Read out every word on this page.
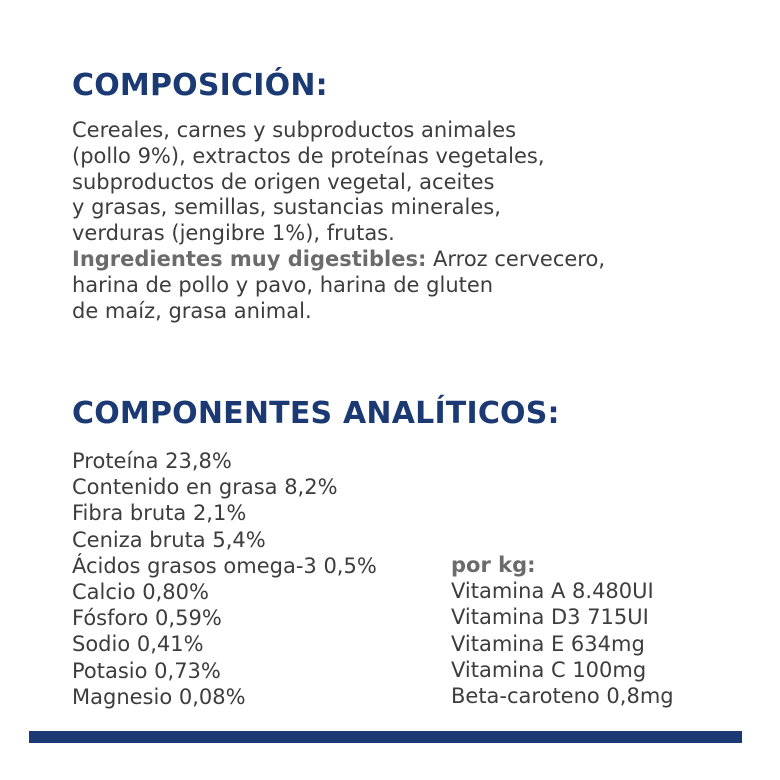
COMPOSICIÓN:
Cereales, carnes y subproductos animales
(pollo 9%), extractos de proteínas vegetales,
subproductos de origen vegetal, aceites
y grasas, semillas, sustancias minerales,
verduras (jengibre 1%), frutas.
Ingredientes muy digestibles: Arroz cervecero,
harina de pollo y pavo, harina de gluten
de maíz, grasa animal.
COMPONENTES ANALÍTICOS:
Proteína 23,8%
Contenido en grasa 8,2%
Fibra bruta 2,1%
Ceniza bruta 5,4%
Ácidos grasos omega-3 0,5%
Calcio 0,80%
Fósforo 0,59%
Sodio 0,41%
Potasio 0,73%
Magnesio 0,08%
por kg:
Vitamina A 8.480UI
Vitamina D3 715UI
Vitamina E 634mg
Vitamina C 100mg
Beta-caroteno 0,8mg
